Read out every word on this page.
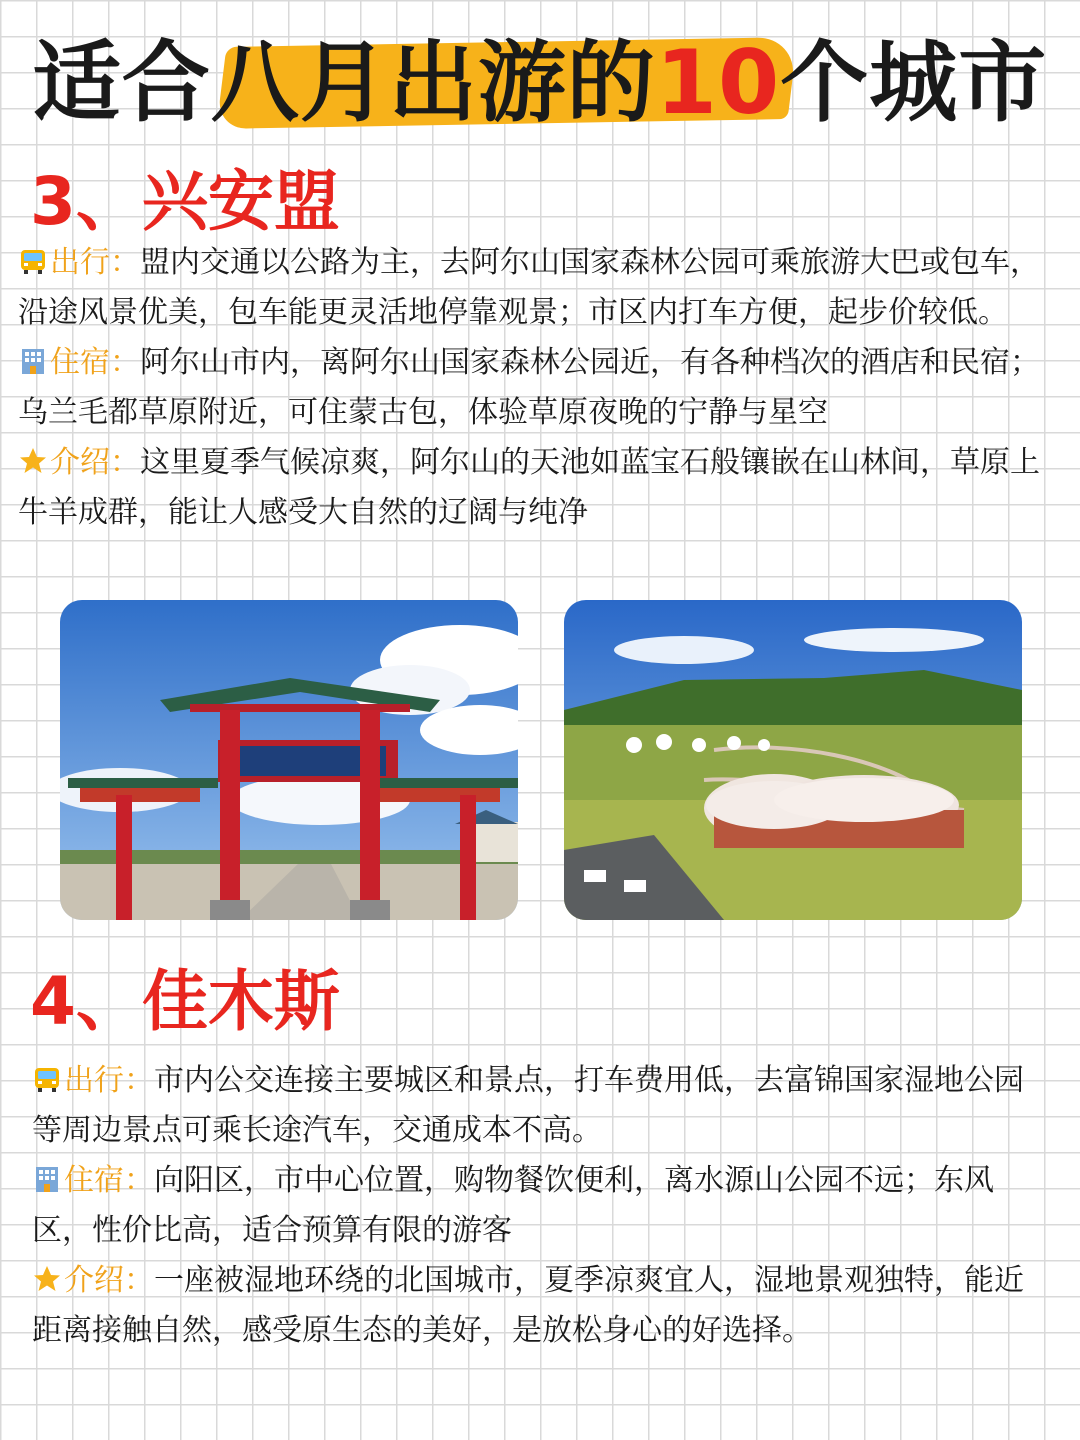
适合八月出游的10个城市
3、兴安盟

出行：盟内交通以公路为主，去阿尔山国家森林公园可乘旅游大巴或包车，沿途风景优美，包车能更灵活地停靠观景；市区内打车方便，起步价较低。

住宿：阿尔山市内，离阿尔山国家森林公园近，有各种档次的酒店和民宿；乌兰毛都草原附近，可住蒙古包，体验草原夜晚的宁静与星空

介绍：这里夏季气候凉爽，阿尔山的天池如蓝宝石般镶嵌在山林间，草原上牛羊成群，能让人感受大自然的辽阔与纯净

4、佳木斯

出行：市内公交连接主要城区和景点，打车费用低，去富锦国家湿地公园等周边景点可乘长途汽车，交通成本不高。

住宿：向阳区，市中心位置，购物餐饮便利，离水源山公园不远；东风区，性价比高，适合预算有限的游客

介绍：一座被湿地环绕的北国城市，夏季凉爽宜人，湿地景观独特，能近距离接触自然，感受原生态的美好，是放松身心的好选择。
